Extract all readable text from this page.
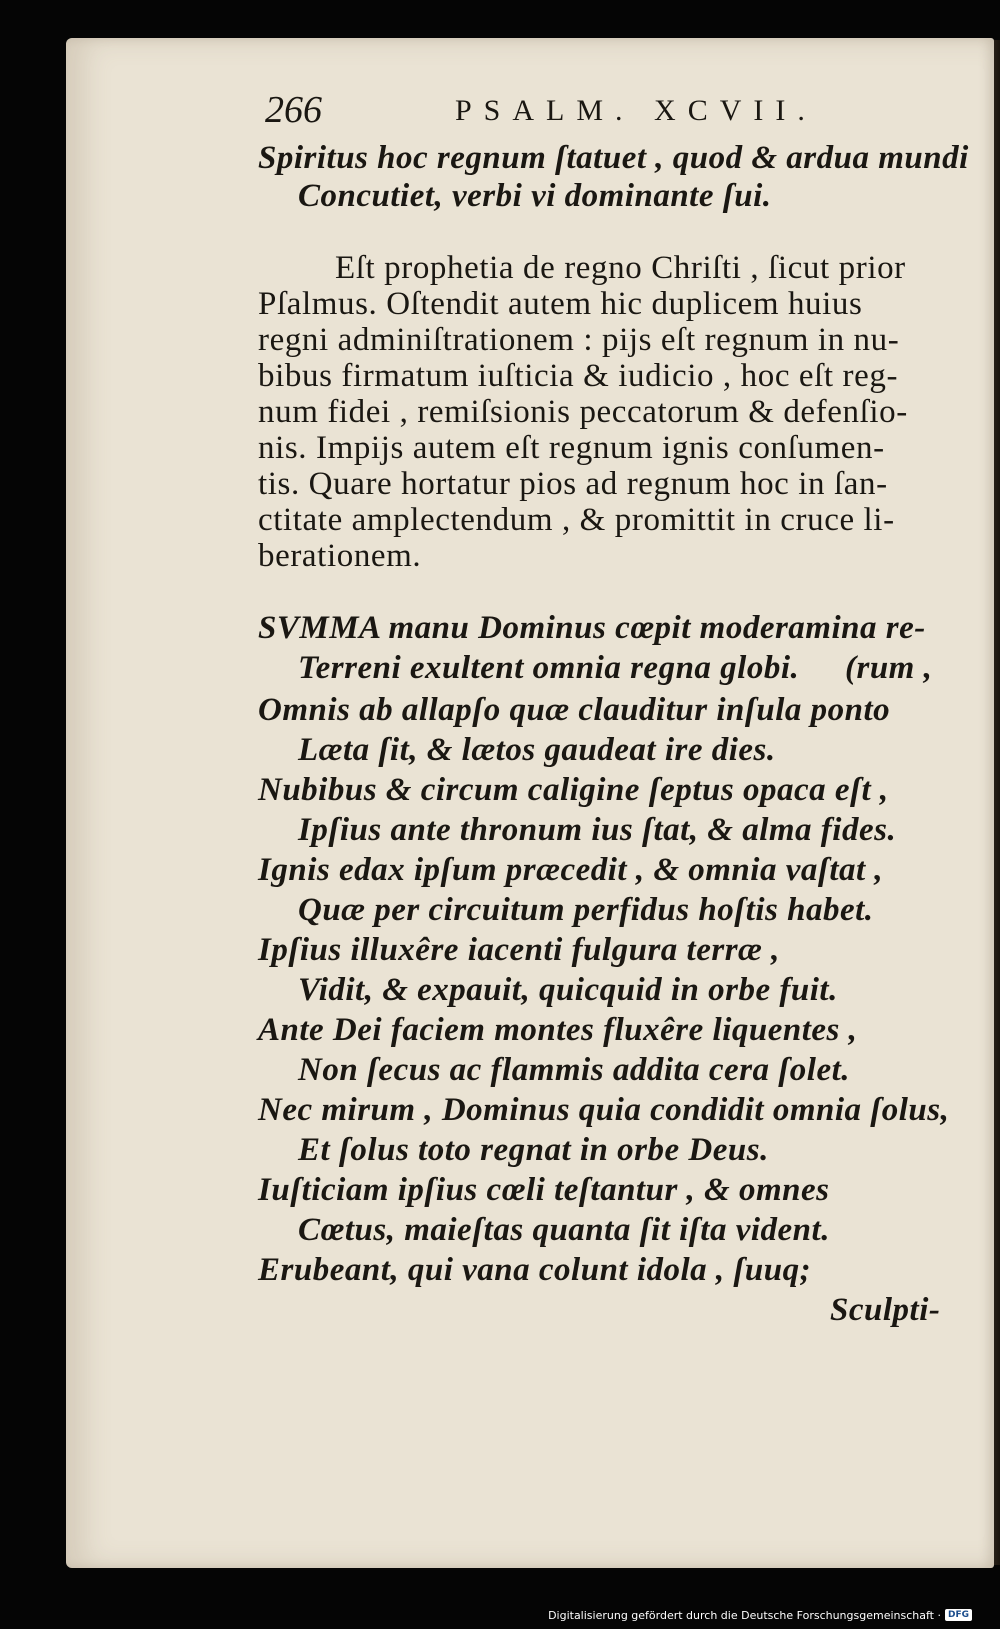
266	PSALM. XCVII.
Spiritus hoc regnum ſtatuet , quod & ardua mundi
Concutiet, verbi vi dominante ſui.
Eſt prophetia de regno Chriſti , ſicut prior
Pſalmus. Oſtendit autem hic duplicem huius
regni adminiſtrationem : pijs eſt regnum in nu-
bibus firmatum iuſticia & iudicio , hoc eſt reg-
num fidei , remiſsionis peccatorum & defenſio-
nis. Impijs autem eſt regnum ignis conſumen-
tis. Quare hortatur pios ad regnum hoc in ſan-
ctitate amplectendum , & promittit in cruce li-
berationem.
SVMMA manu Dominus cœpit moderamina re-
Terreni exultent omnia regna globi. (rum ,
Omnis ab allapſo quæ clauditur inſula ponto
Læta ſit, & lætos gaudeat ire dies.
Nubibus & circum caligine ſeptus opaca eſt ,
Ipſius ante thronum ius ſtat, & alma fides.
Ignis edax ipſum præcedit , & omnia vaſtat ,
Quæ per circuitum perfidus hoſtis habet.
Ipſius illuxêre iacenti fulgura terræ ,
Vidit, & expauit, quicquid in orbe fuit.
Ante Dei faciem montes fluxêre liquentes ,
Non ſecus ac flammis addita cera ſolet.
Nec mirum , Dominus quia condidit omnia ſolus,
Et ſolus toto regnat in orbe Deus.
Iuſticiam ipſius cœli teſtantur , & omnes
Cœtus, maieſtas quanta ſit iſta vident.
Erubeant, qui vana colunt idola , ſuuq;
Sculpti-
Digitalisierung gefördert durch die Deutsche Forschungsgemeinschaft · DFG
